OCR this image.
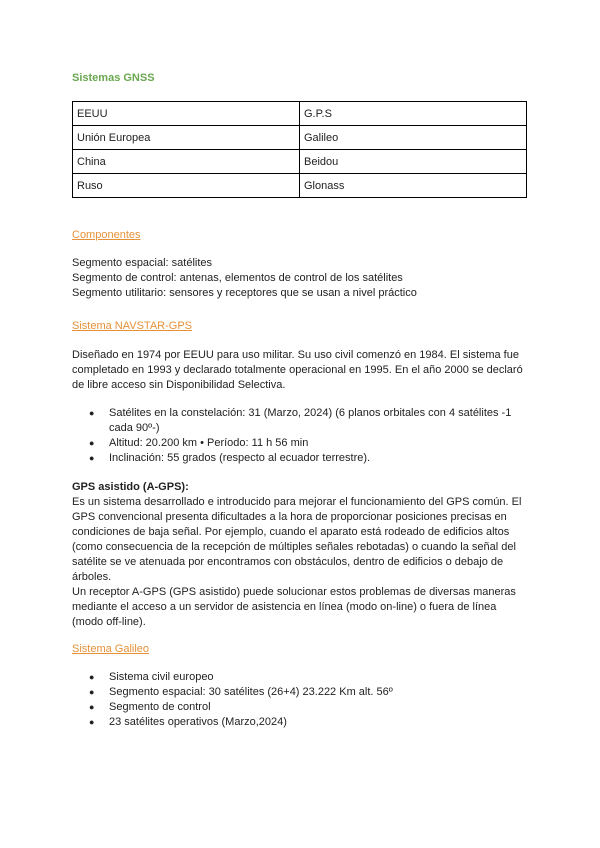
Sistemas GNSS
EEUU	G.P.S
Unión Europea	Galileo
China	Beidou
Ruso	Glonass
Componentes

Segmento espacial: satélites

Segmento de control: antenas, elementos de control de los satélites

Segmento utilitario: sensores y receptores que se usan a nivel práctico

Sistema NAVSTAR-GPS
Diseñado en 1974 por EEUU para uso militar. Su uso civil comenzó en 1984. El sistema fue completado en 1993 y declarado totalmente operacional en 1995. En el año 2000 se declaró de libre acceso sin Disponibilidad Selectiva.
● Satélites en la constelación: 31 (Marzo, 2024) (6 planos orbitales con 4 satélites -1 cada 90º-)
● Altitud: 20.200 km • Período: 11 h 56 min
● Inclinación: 55 grados (respecto al ecuador terrestre).

GPS asistido (A-GPS):

Es un sistema desarrollado e introducido para mejorar el funcionamiento del GPS común. El GPS convencional presenta dificultades a la hora de proporcionar posiciones precisas en condiciones de baja señal. Por ejemplo, cuando el aparato está rodeado de edificios altos (como consecuencia de la recepción de múltiples señales rebotadas) o cuando la señal del satélite se ve atenuada por encontramos con obstáculos, dentro de edificios o debajo de árboles.

Un receptor A-GPS (GPS asistido) puede solucionar estos problemas de diversas maneras mediante el acceso a un servidor de asistencia en línea (modo on-line) o fuera de línea (modo off-line).

Sistema Galileo
● Sistema civil europeo
● Segmento espacial: 30 satélites (26+4) 23.222 Km alt. 56º
● Segmento de control
● 23 satélites operativos (Marzo,2024)
